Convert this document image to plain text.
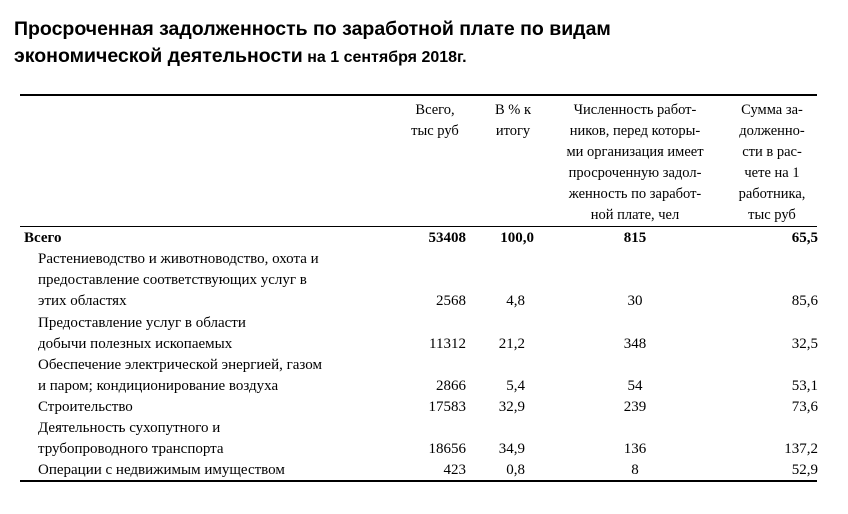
Просроченная задолженность по заработной плате по видам
экономической деятельности на 1 сентября 2018г.
Всего,
тыс руб
В % к
итогу
Численность работ-
ников, перед которы-
ми организация имеет
просроченную задол-
женность по заработ-
ной плате, чел
Сумма за-
долженно-
сти в рас-
чете на 1
работника,
тыс руб
Всего	53408	100,0	815	65,5
Растениеводство и животноводство, охота и
предоставление соответствующих услуг в
этих областях	2568	4,8	30	85,6
Предоставление услуг в области
добычи полезных ископаемых	11312	21,2	348	32,5
Обеспечение электрической энергией, газом
и паром; кондиционирование воздуха	2866	5,4	54	53,1
Строительство	17583	32,9	239	73,6
Деятельность сухопутного и
трубопроводного транспорта	18656	34,9	136	137,2
Операции с недвижимым имуществом	423	0,8	8	52,9
